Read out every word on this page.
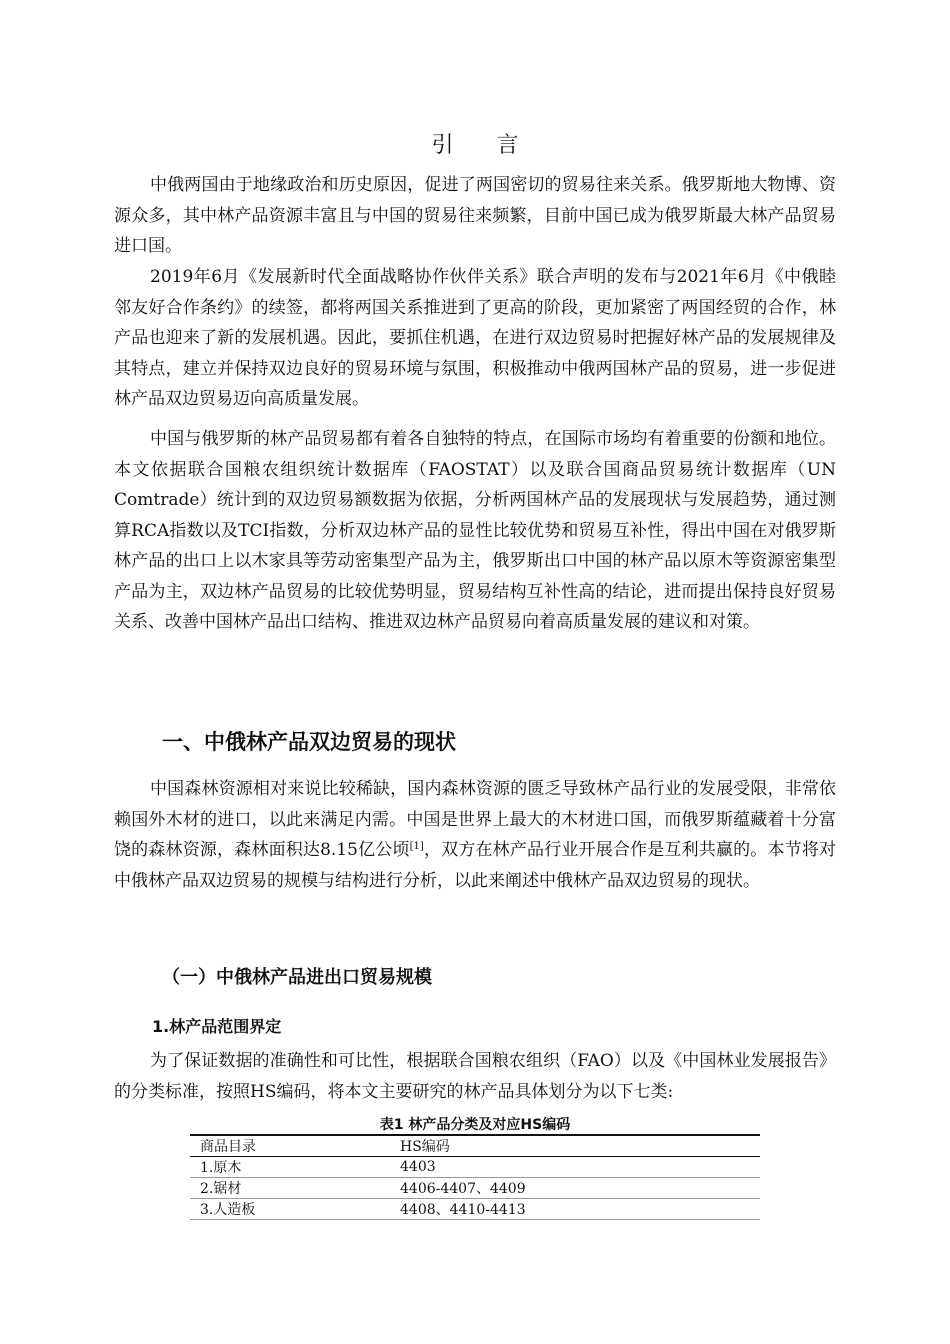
引 言

中俄两国由于地缘政治和历史原因，促进了两国密切的贸易往来关系。俄罗斯地大物博、资源众多，其中林产品资源丰富且与中国的贸易往来频繁，目前中国已成为俄罗斯最大林产品贸易进口国。

2019年6月《发展新时代全面战略协作伙伴关系》联合声明的发布与2021年6月《中俄睦邻友好合作条约》的续签，都将两国关系推进到了更高的阶段，更加紧密了两国经贸的合作，林产品也迎来了新的发展机遇。因此，要抓住机遇，在进行双边贸易时把握好林产品的发展规律及其特点，建立并保持双边良好的贸易环境与氛围，积极推动中俄两国林产品的贸易，进一步促进林产品双边贸易迈向高质量发展。

中国与俄罗斯的林产品贸易都有着各自独特的特点，在国际市场均有着重要的份额和地位。本文依据联合国粮农组织统计数据库（FAOSTAT）以及联合国商品贸易统计数据库（UN Comtrade）统计到的双边贸易额数据为依据，分析两国林产品的发展现状与发展趋势，通过测算RCA指数以及TCI指数，分析双边林产品的显性比较优势和贸易互补性，得出中国在对俄罗斯林产品的出口上以木家具等劳动密集型产品为主，俄罗斯出口中国的林产品以原木等资源密集型产品为主，双边林产品贸易的比较优势明显，贸易结构互补性高的结论，进而提出保持良好贸易关系、改善中国林产品出口结构、推进双边林产品贸易向着高质量发展的建议和对策。

一、中俄林产品双边贸易的现状

中国森林资源相对来说比较稀缺，国内森林资源的匮乏导致林产品行业的发展受限，非常依赖国外木材的进口，以此来满足内需。中国是世界上最大的木材进口国，而俄罗斯蕴藏着十分富饶的森林资源，森林面积达8.15亿公顷[1]，双方在林产品行业开展合作是互利共赢的。本节将对中俄林产品双边贸易的规模与结构进行分析，以此来阐述中俄林产品双边贸易的现状。

（一）中俄林产品进出口贸易规模
1.林产品范围界定

为了保证数据的准确性和可比性，根据联合国粮农组织（FAO）以及《中国林业发展报告》的分类标准，按照HS编码，将本文主要研究的林产品具体划分为以下七类:

表1 林产品分类及对应HS编码
商品目录	HS编码
1.原木	4403
2.锯材	4406-4407、4409
3.人造板	4408、4410-4413
